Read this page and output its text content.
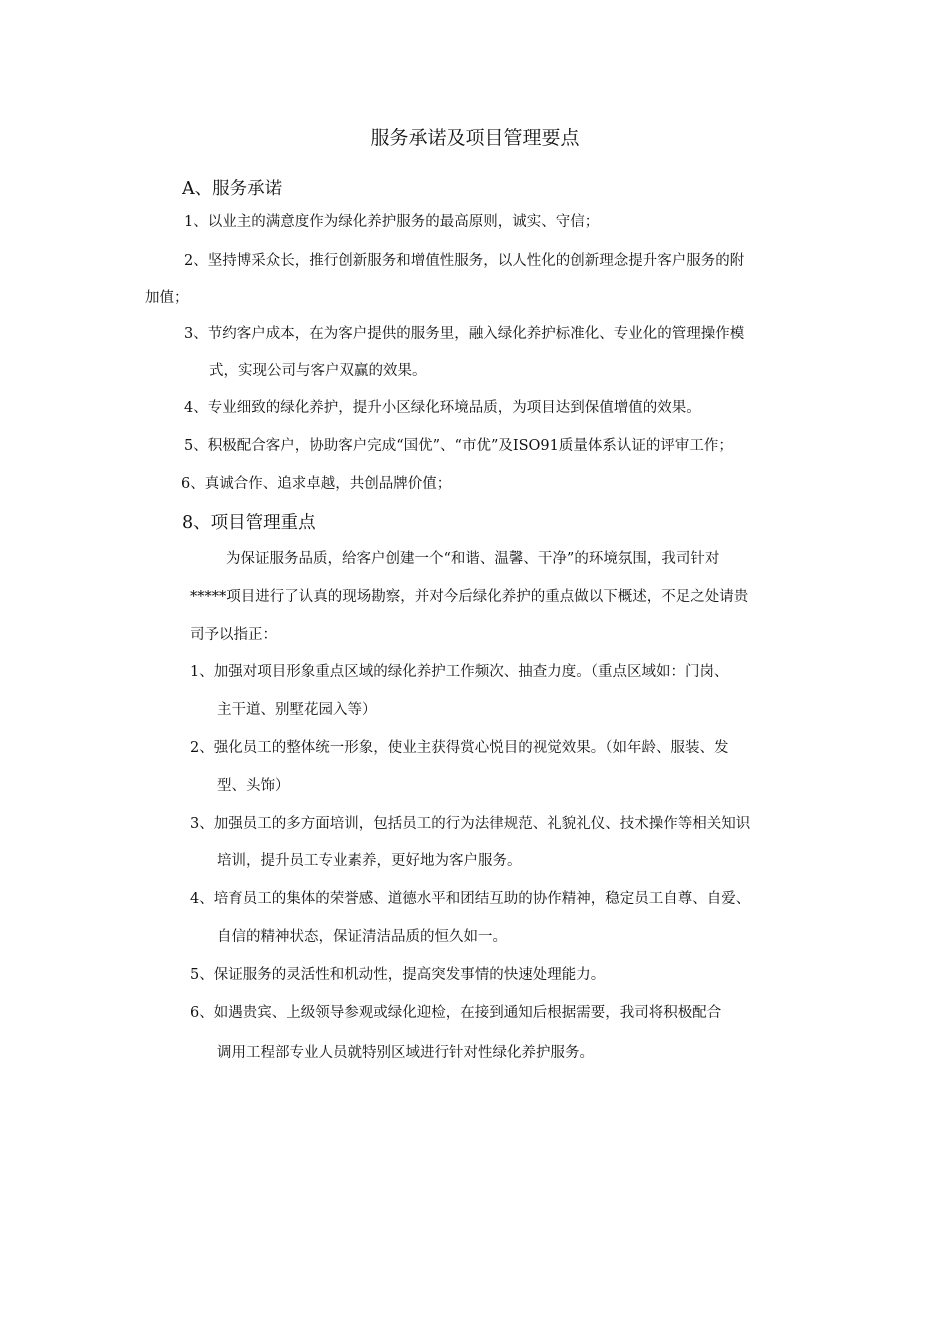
服务承诺及项目管理要点
A、服务承诺
1、以业主的满意度作为绿化养护服务的最高原则，诚实、守信；
2、坚持博采众长，推行创新服务和增值性服务，以人性化的创新理念提升客户服务的附
加值；
3、节约客户成本，在为客户提供的服务里，融入绿化养护标准化、专业化的管理操作模
式，实现公司与客户双赢的效果。
4、专业细致的绿化养护，提升小区绿化环境品质，为项目达到保值增值的效果。
5、积极配合客户，协助客户完成“国优”、“市优”及ISO91质量体系认证的评审工作；
6、真诚合作、追求卓越，共创品牌价值；
8、项目管理重点
为保证服务品质，给客户创建一个“和谐、温馨、干净”的环境氛围，我司针对
*****项目进行了认真的现场勘察，并对今后绿化养护的重点做以下概述，不足之处请贵
司予以指正：
1、加强对项目形象重点区域的绿化养护工作频次、抽查力度。（重点区域如：门岗、
主干道、别墅花园入等）
2、强化员工的整体统一形象，使业主获得赏心悦目的视觉效果。（如年龄、服装、发
型、头饰）
3、加强员工的多方面培训，包括员工的行为法律规范、礼貌礼仪、技术操作等相关知识
培训，提升员工专业素养，更好地为客户服务。
4、培育员工的集体的荣誉感、道德水平和团结互助的协作精神，稳定员工自尊、自爱、
自信的精神状态，保证清洁品质的恒久如一。
5、保证服务的灵活性和机动性，提高突发事情的快速处理能力。
6、如遇贵宾、上级领导参观或绿化迎检，在接到通知后根据需要，我司将积极配合
调用工程部专业人员就特别区域进行针对性绿化养护服务。
